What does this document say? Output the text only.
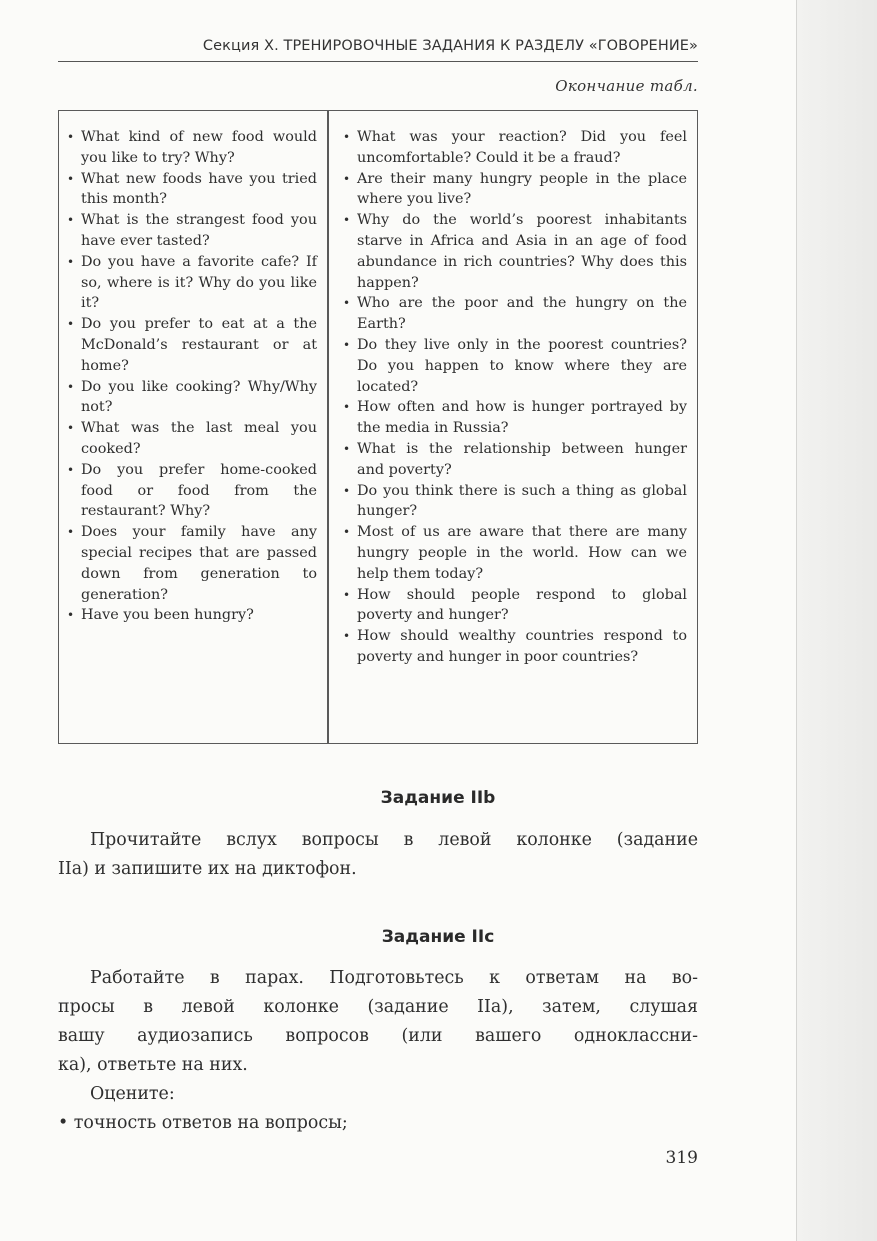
Секция X. ТРЕНИРОВОЧНЫЕ ЗАДАНИЯ К РАЗДЕЛУ «ГОВОРЕНИЕ»
Окончание табл.
• What kind of new food would you like to try? Why?
• What new foods have you tried this month?
• What is the strangest food you have ever tasted?
• Do you have a favorite cafe? If so, where is it? Why do you like it?
• Do you prefer to eat at a the McDonald’s restaurant or at home?
• Do you like cooking? Why/Why not?
• What was the last meal you cooked?
• Do you prefer home-cooked food or food from the restaurant? Why?
• Does your family have any special recipes that are passed down from generation to generation?
• Have you been hungry?
• What was your reaction? Did you feel uncomfortable? Could it be a fraud?
• Are their many hungry people in the place where you live?
• Why do the world’s poorest inhabitants starve in Africa and Asia in an age of food abundance in rich countries? Why does this happen?
• Who are the poor and the hungry on the Earth?
• Do they live only in the poorest countries? Do you happen to know where they are located?
• How often and how is hunger portrayed by the media in Russia?
• What is the relationship between hunger and poverty?
• Do you think there is such a thing as global hunger?
• Most of us are aware that there are many hungry people in the world. How can we help them today?
• How should people respond to global poverty and hunger?
• How should wealthy countries respond to poverty and hunger in poor countries?
Задание IIb

Прочитайте вслух вопросы в левой колонке (задание
IIa) и запишите их на диктофон.

Задание IIc

Работайте в парах. Подготовьтесь к ответам на во-
просы в левой колонке (задание IIa), затем, слушая
вашу аудиозапись вопросов (или вашего одноклассни-
ка), ответьте на них.
Оцените:
• точность ответов на вопросы;

319
